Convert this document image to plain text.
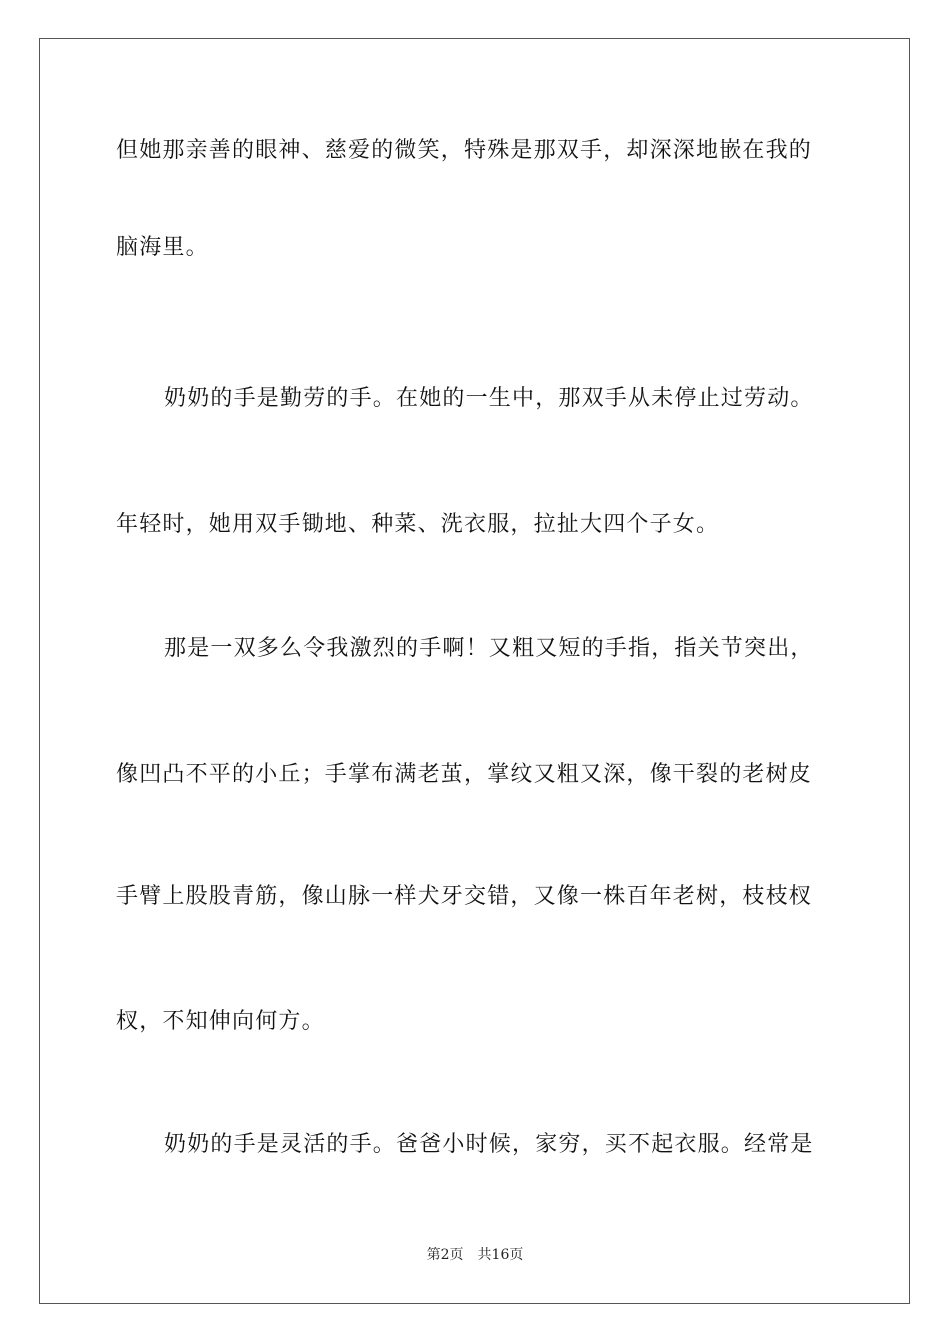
但她那亲善的眼神、慈爱的微笑，特殊是那双手，却深深地嵌在我的
脑海里。
奶奶的手是勤劳的手。在她的一生中，那双手从未停止过劳动。
年轻时，她用双手锄地、种菜、洗衣服，拉扯大四个子女。
那是一双多么令我激烈的手啊！又粗又短的手指，指关节突出，
像凹凸不平的小丘；手掌布满老茧，掌纹又粗又深，像干裂的老树皮
手臂上股股青筋，像山脉一样犬牙交错，又像一株百年老树，枝枝杈
杈，不知伸向何方。
奶奶的手是灵活的手。爸爸小时候，家穷，买不起衣服。经常是
第2页 共16页
